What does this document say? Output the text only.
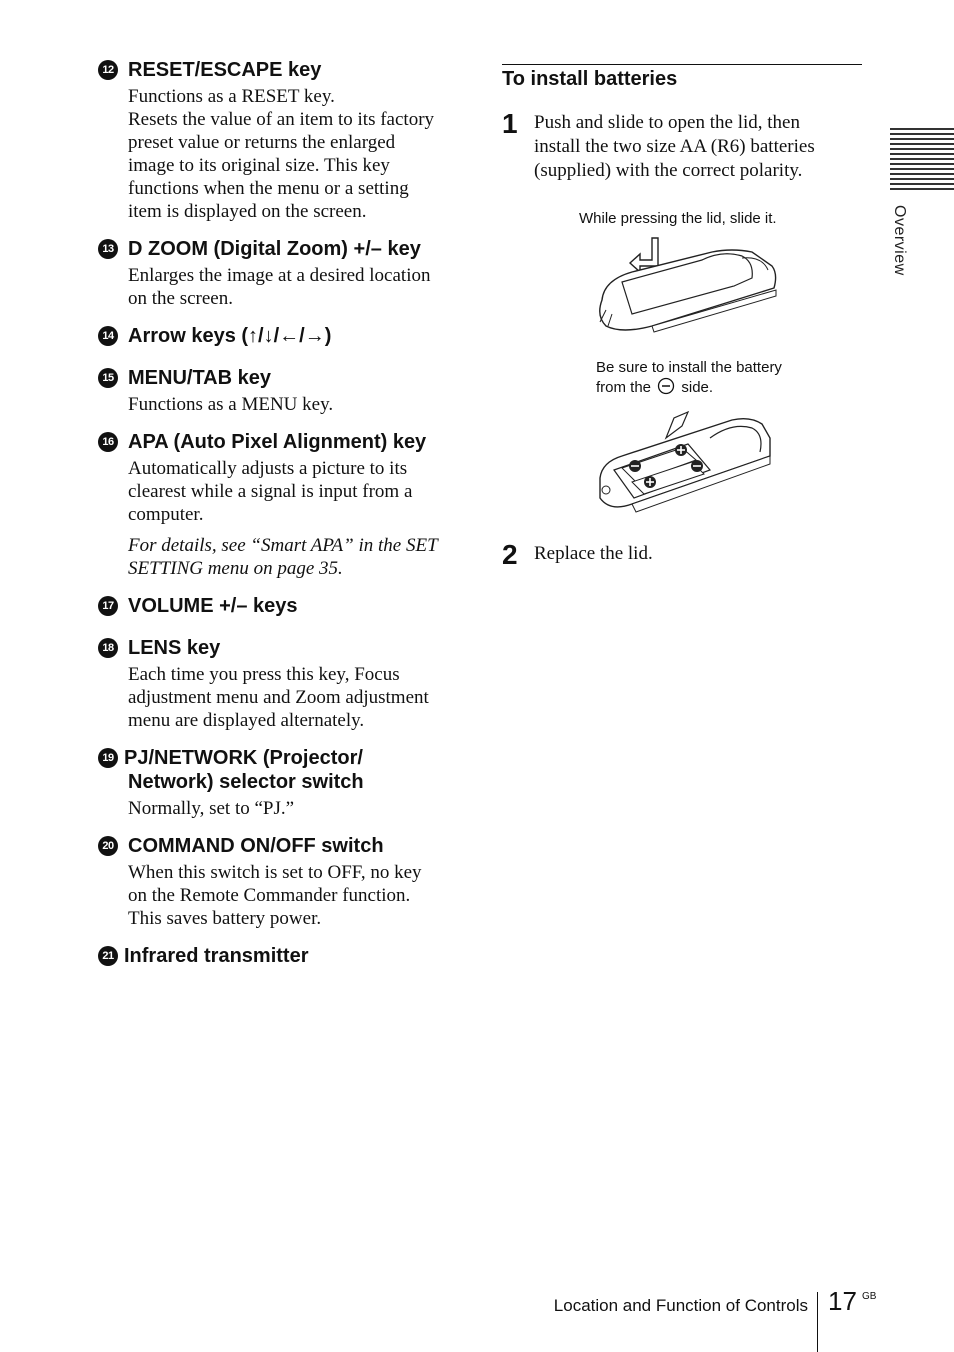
12 RESET/ESCAPE key
Functions as a RESET key.
Resets the value of an item to its factory
preset value or returns the enlarged
image to its original size. This key
functions when the menu or a setting
item is displayed on the screen.
13 D ZOOM (Digital Zoom) +/– key
Enlarges the image at a desired location
on the screen.
14 Arrow keys (↑/↓/←/→)
15 MENU/TAB key
Functions as a MENU key.
16 APA (Auto Pixel Alignment) key
Automatically adjusts a picture to its
clearest while a signal is input from a
computer.
For details, see “Smart APA” in the SET
SETTING menu on page 35.
17 VOLUME +/– keys
18 LENS key
Each time you press this key, Focus
adjustment menu and Zoom adjustment
menu are displayed alternately.
19 PJ/NETWORK (Projector/
Network) selector switch
Normally, set to “PJ.”
20 COMMAND ON/OFF switch
When this switch is set to OFF, no key
on the Remote Commander function.
This saves battery power.
21 Infrared transmitter
To install batteries
1 Push and slide to open the lid, then
install the two size AA (R6) batteries
(supplied) with the correct polarity.
While pressing the lid, slide it.
Be sure to install the battery
from the side.
2 Replace the lid.
Overview
Location and Function of Controls 17 GB
